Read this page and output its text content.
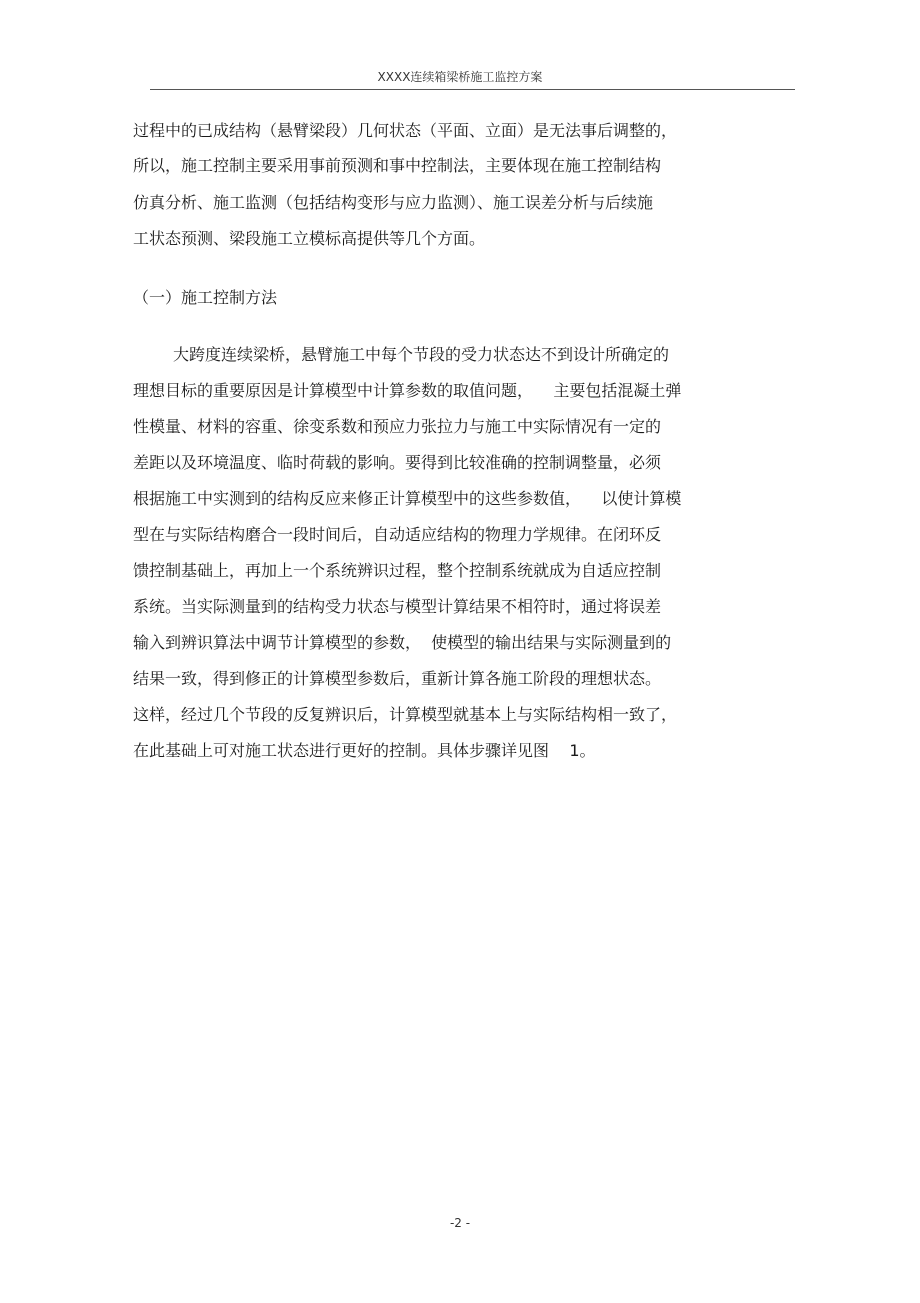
XXXX连续箱梁桥施工监控方案
过程中的已成结构（悬臂梁段）几何状态（平面、立面）是无法事后调整的，
所以，施工控制主要采用事前预测和事中控制法，主要体现在施工控制结构
仿真分析、施工监测（包括结构变形与应力监测）、施工误差分析与后续施
工状态预测、梁段施工立模标高提供等几个方面。
（一）施工控制方法
大跨度连续梁桥，悬臂施工中每个节段的受力状态达不到设计所确定的
理想目标的重要原因是计算模型中计算参数的取值问题，    主要包括混凝土弹
性模量、材料的容重、徐变系数和预应力张拉力与施工中实际情况有一定的
差距以及环境温度、临时荷载的影响。要得到比较准确的控制调整量，必须
根据施工中实测到的结构反应来修正计算模型中的这些参数值，    以使计算模
型在与实际结构磨合一段时间后，自动适应结构的物理力学规律。在闭环反
馈控制基础上，再加上一个系统辨识过程，整个控制系统就成为自适应控制
系统。当实际测量到的结构受力状态与模型计算结果不相符时，通过将误差
输入到辨识算法中调节计算模型的参数，  使模型的输出结果与实际测量到的
结果一致，得到修正的计算模型参数后，重新计算各施工阶段的理想状态。
这样，经过几个节段的反复辨识后，计算模型就基本上与实际结构相一致了，
在此基础上可对施工状态进行更好的控制。具体步骤详见图    1。
-2 -
